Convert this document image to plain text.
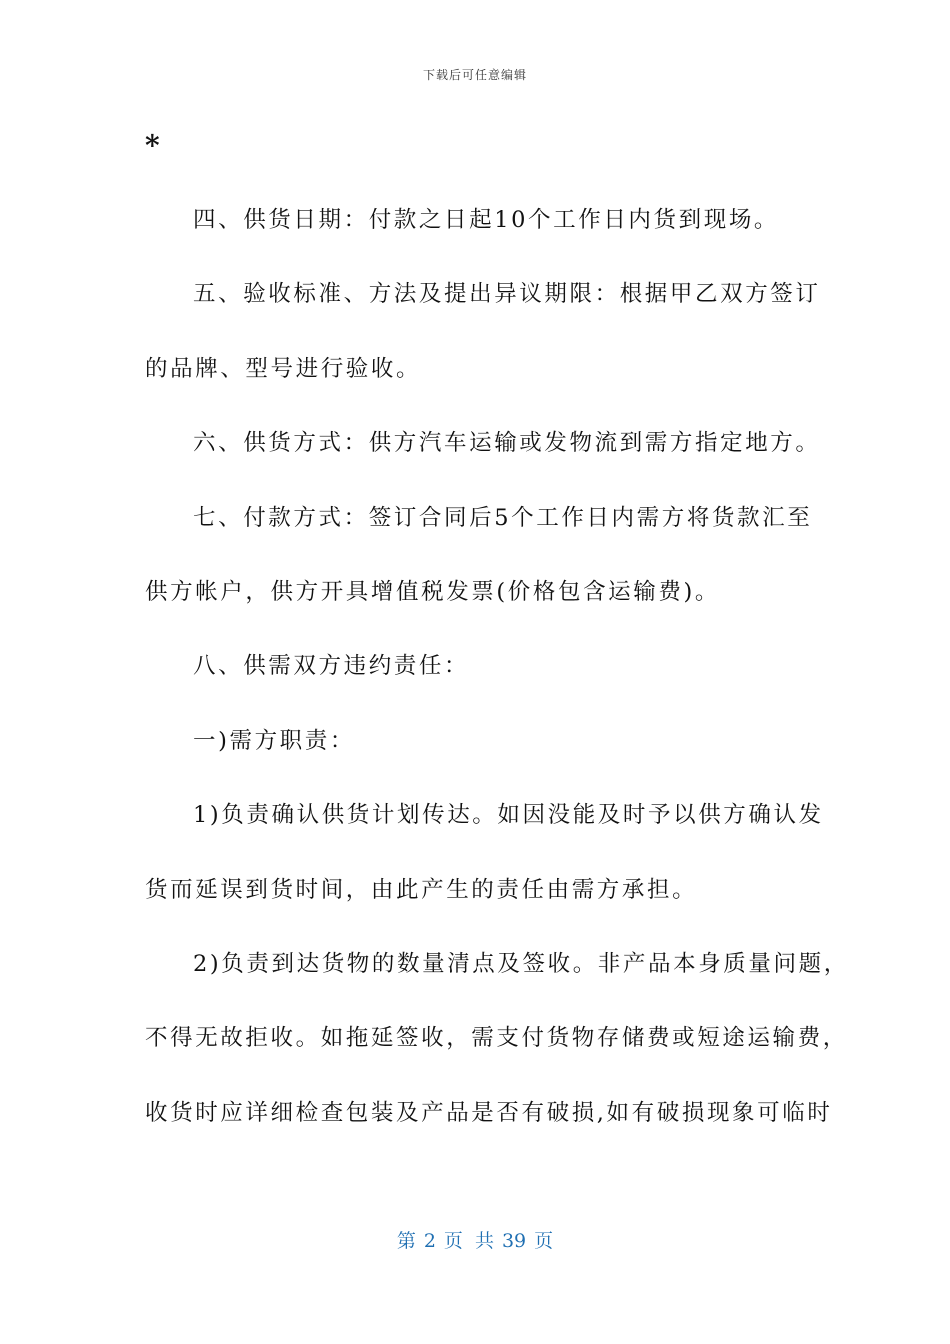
下载后可任意编辑
*
四、供货日期：付款之日起10个工作日内货到现场。
五、验收标准、方法及提出异议期限：根据甲乙双方签订
的品牌、型号进行验收。
六、供货方式：供方汽车运输或发物流到需方指定地方。
七、付款方式：签订合同后5个工作日内需方将货款汇至
供方帐户，供方开具增值税发票(价格包含运输费)。
八、供需双方违约责任：
一)需方职责：
1)负责确认供货计划传达。如因没能及时予以供方确认发
货而延误到货时间，由此产生的责任由需方承担。
2)负责到达货物的数量清点及签收。非产品本身质量问题，
不得无故拒收。如拖延签收，需支付货物存储费或短途运输费，
收货时应详细检查包装及产品是否有破损,如有破损现象可临时
第 2 页 共 39 页
